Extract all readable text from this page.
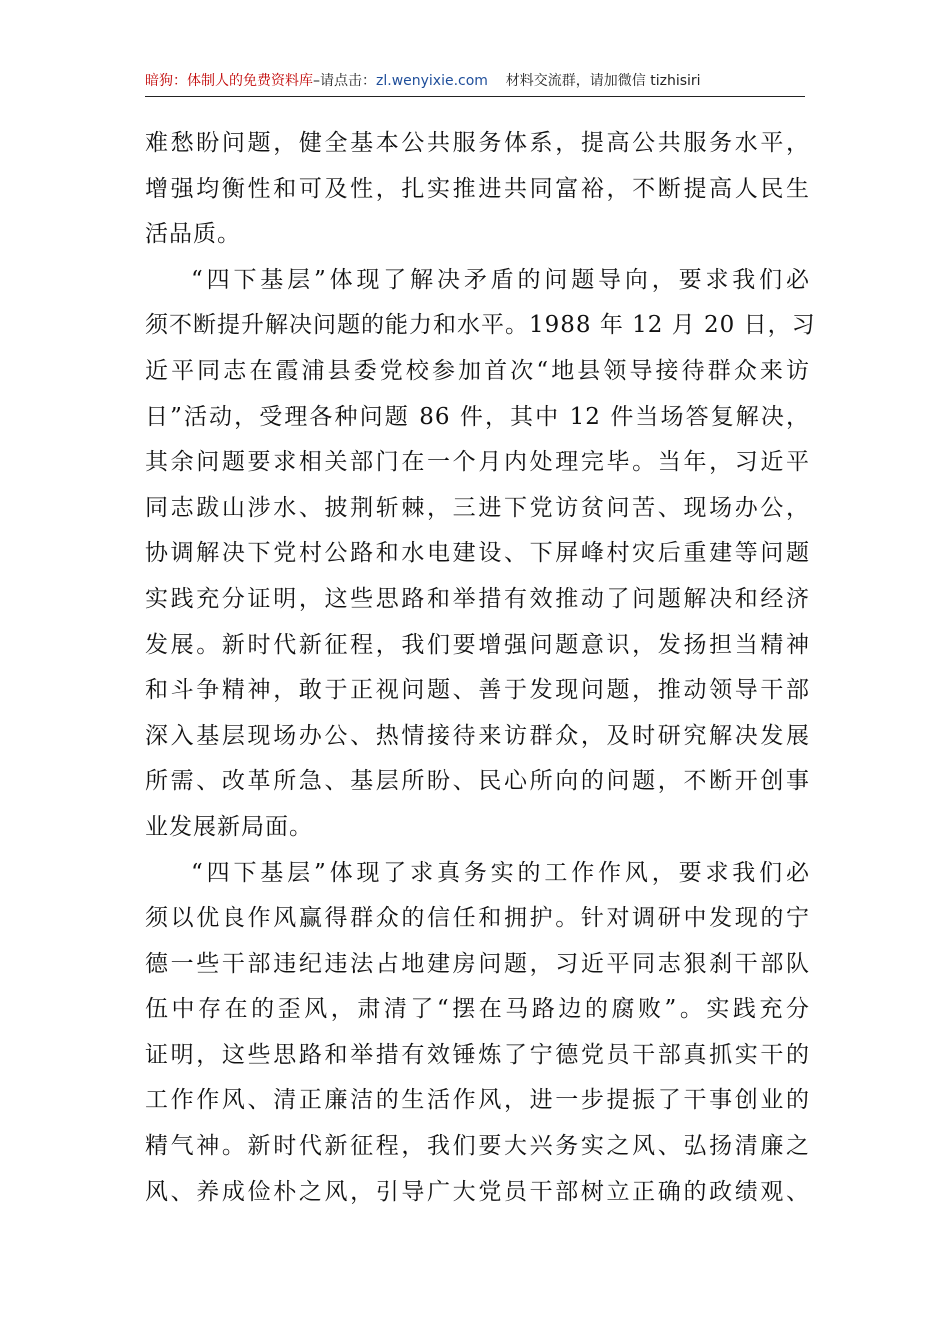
暗狗：体制人的免费资料库–请点击：zl.wenyixie.com 材料交流群，请加微信 tizhisiri
难愁盼问题，健全基本公共服务体系，提高公共服务水平，
增强均衡性和可及性，扎实推进共同富裕，不断提高人民生
活品质。
“四下基层”体现了解决矛盾的问题导向，要求我们必
须不断提升解决问题的能力和水平。1988 年 12 月 20 日，习
近平同志在霞浦县委党校参加首次“地县领导接待群众来访
日”活动，受理各种问题 86 件，其中 12 件当场答复解决，
其余问题要求相关部门在一个月内处理完毕。当年，习近平
同志跋山涉水、披荆斩棘，三进下党访贫问苦、现场办公，
协调解决下党村公路和水电建设、下屏峰村灾后重建等问题
实践充分证明，这些思路和举措有效推动了问题解决和经济
发展。新时代新征程，我们要增强问题意识，发扬担当精神
和斗争精神，敢于正视问题、善于发现问题，推动领导干部
深入基层现场办公、热情接待来访群众，及时研究解决发展
所需、改革所急、基层所盼、民心所向的问题，不断开创事
业发展新局面。
“四下基层”体现了求真务实的工作作风，要求我们必
须以优良作风赢得群众的信任和拥护。针对调研中发现的宁
德一些干部违纪违法占地建房问题，习近平同志狠刹干部队
伍中存在的歪风，肃清了“摆在马路边的腐败”。实践充分
证明，这些思路和举措有效锤炼了宁德党员干部真抓实干的
工作作风、清正廉洁的生活作风，进一步提振了干事创业的
精气神。新时代新征程，我们要大兴务实之风、弘扬清廉之
风、养成俭朴之风，引导广大党员干部树立正确的政绩观、
